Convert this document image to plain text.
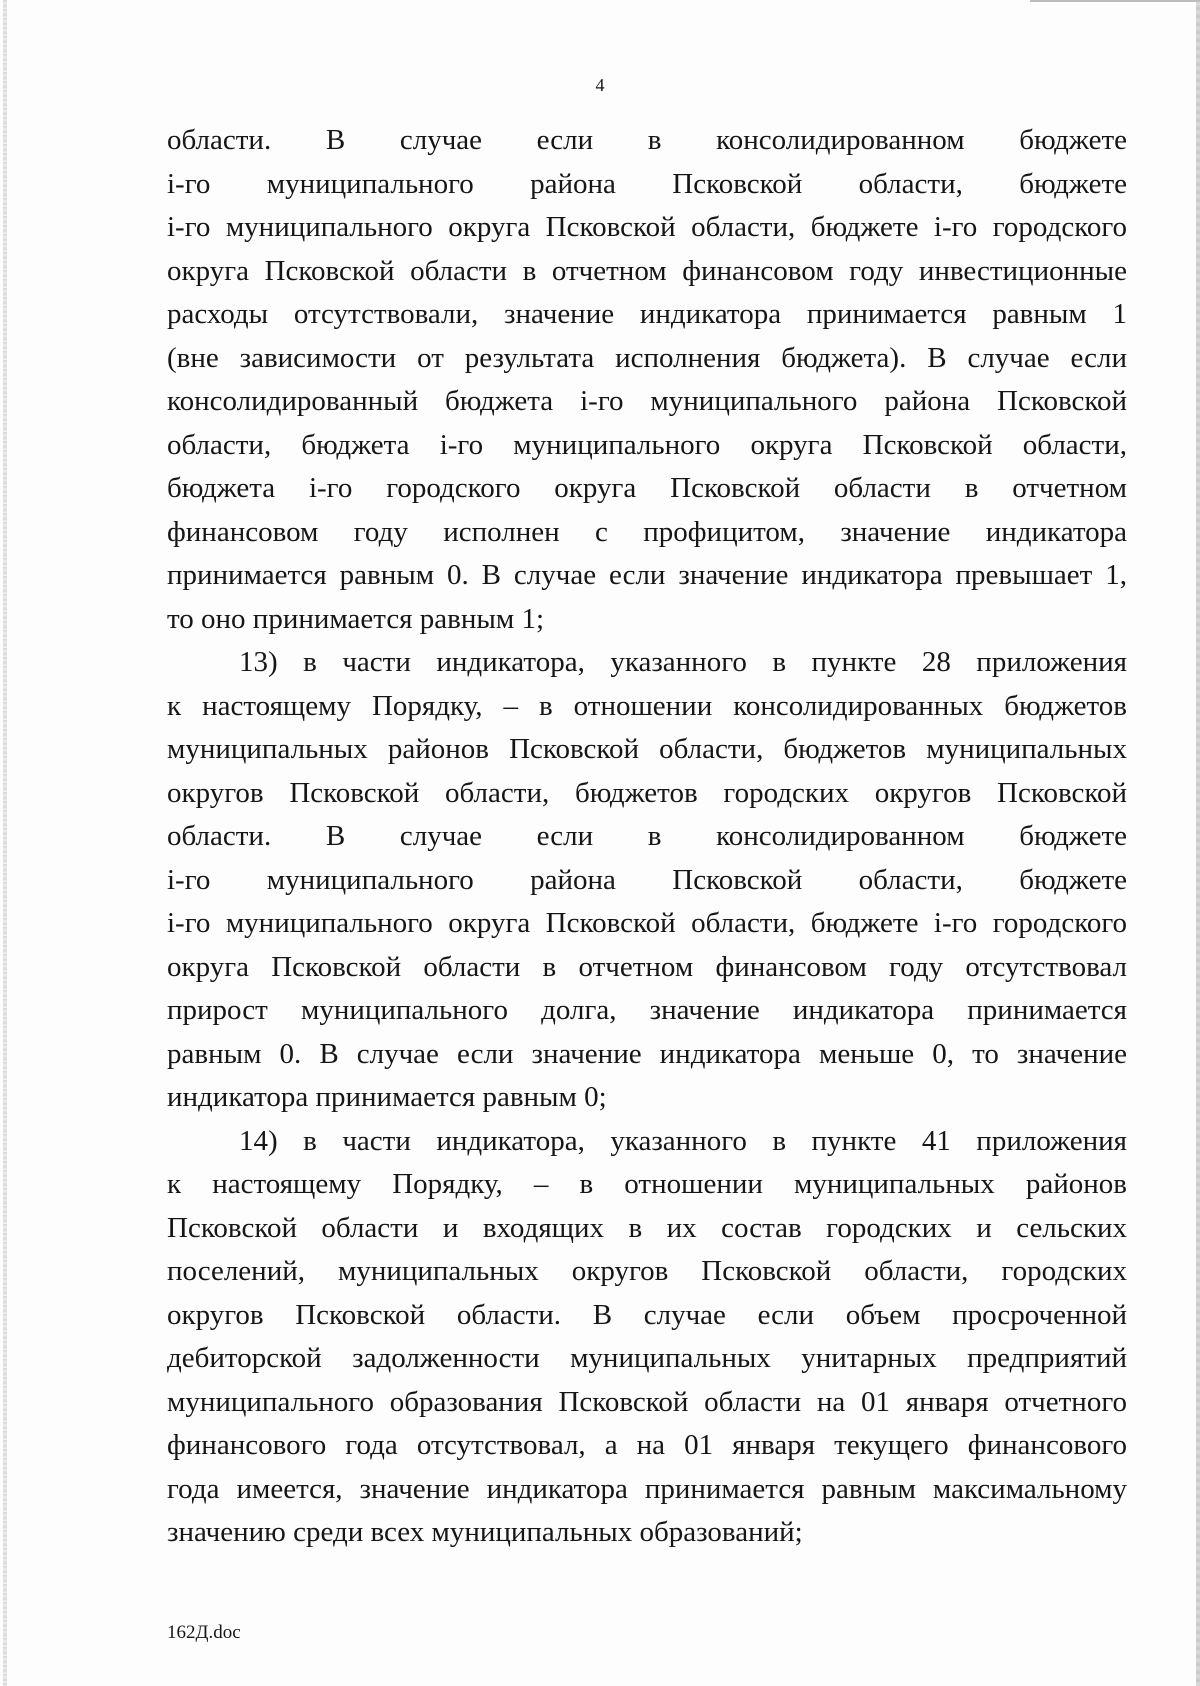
4
области. В случае если в консолидированном бюджете
i-го муниципального района Псковской области, бюджете
i-го муниципального округа Псковской области, бюджете i-го городского
округа Псковской области в отчетном финансовом году инвестиционные
расходы отсутствовали, значение индикатора принимается равным 1
(вне зависимости от результата исполнения бюджета). В случае если
консолидированный бюджета i-го муниципального района Псковской
области, бюджета i-го муниципального округа Псковской области,
бюджета i-го городского округа Псковской области в отчетном
финансовом году исполнен с профицитом, значение индикатора
принимается равным 0. В случае если значение индикатора превышает 1,
то оно принимается равным 1;
13) в части индикатора, указанного в пункте 28 приложения
к настоящему Порядку, – в отношении консолидированных бюджетов
муниципальных районов Псковской области, бюджетов муниципальных
округов Псковской области, бюджетов городских округов Псковской
области. В случае если в консолидированном бюджете
i-го муниципального района Псковской области, бюджете
i-го муниципального округа Псковской области, бюджете i-го городского
округа Псковской области в отчетном финансовом году отсутствовал
прирост муниципального долга, значение индикатора принимается
равным 0. В случае если значение индикатора меньше 0, то значение
индикатора принимается равным 0;
14) в части индикатора, указанного в пункте 41 приложения
к настоящему Порядку, – в отношении муниципальных районов
Псковской области и входящих в их состав городских и сельских
поселений, муниципальных округов Псковской области, городских
округов Псковской области. В случае если объем просроченной
дебиторской задолженности муниципальных унитарных предприятий
муниципального образования Псковской области на 01 января отчетного
финансового года отсутствовал, а на 01 января текущего финансового
года имеется, значение индикатора принимается равным максимальному
значению среди всех муниципальных образований;
162Д.doc
